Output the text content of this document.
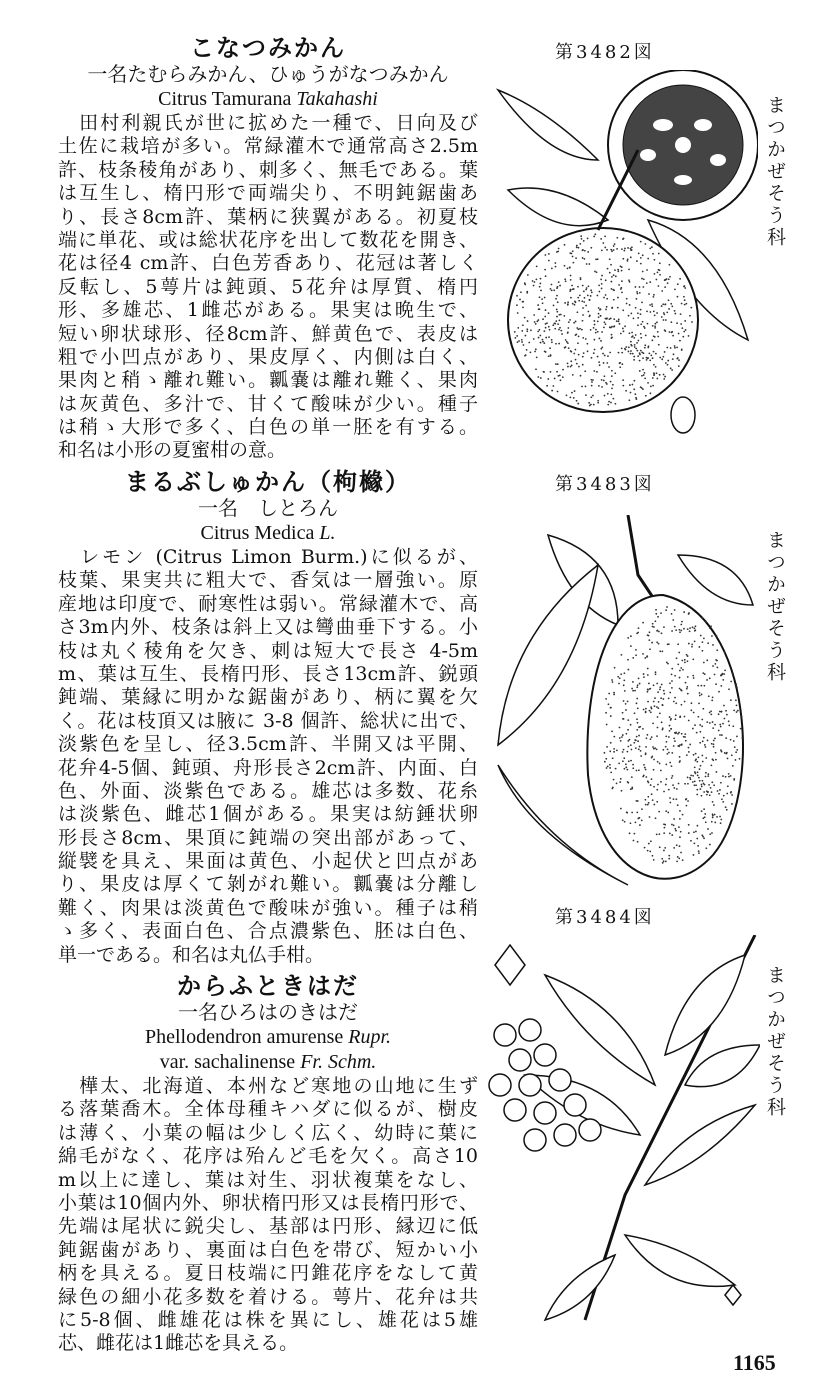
こなつみかん
一名たむらみかん、ひゅうがなつみかん
Citrus Tamurana Takahashi
　田村利親氏が世に拡めた一種で、日向及び
土佐に栽培が多い。常緑灌木で通常高さ2.5m
許、枝条稜角があり、刺多く、無毛である。葉
は互生し、楕円形で両端尖り、不明鈍鋸歯あ
り、長さ8cm許、葉柄に狭翼がある。初夏枝
端に単花、或は総状花序を出して数花を開き、
花は径4 cm許、白色芳香あり、花冠は著しく
反転し、5萼片は鈍頭、5花弁は厚質、楕円
形、多雄芯、1雌芯がある。果実は晩生で、
短い卵状球形、径8cm許、鮮黄色で、表皮は
粗で小凹点があり、果皮厚く、内側は白く、
果肉と稍ゝ離れ難い。瓤嚢は離れ難く、果肉
は灰黄色、多汁で、甘くて酸味が少い。種子
は稍ゝ大形で多く、白色の単一胚を有する。
和名は小形の夏蜜柑の意。
まるぶしゅかん（枸櫞）
一名　しとろん
Citrus Medica L.
　レモン (Citrus Limon Burm.)に似るが、
枝葉、果実共に粗大で、香気は一層強い。原
産地は印度で、耐寒性は弱い。常緑灌木で、高
さ3m内外、枝条は斜上又は彎曲垂下する。小
枝は丸く稜角を欠き、刺は短大で長さ 4-5m
m、葉は互生、長楕円形、長さ13cm許、鋭頭
鈍端、葉縁に明かな鋸歯があり、柄に翼を欠
く。花は枝頂又は腋に 3-8 個許、総状に出で、
淡紫色を呈し、径3.5cm許、半開又は平開、
花弁4-5個、鈍頭、舟形長さ2cm許、内面、白
色、外面、淡紫色である。雄芯は多数、花糸
は淡紫色、雌芯1個がある。果実は紡錘状卵
形長さ8cm、果頂に鈍端の突出部があって、
縦襞を具え、果面は黄色、小起伏と凹点があ
り、果皮は厚くて剝がれ難い。瓤嚢は分離し
難く、肉果は淡黄色で酸味が強い。種子は稍
ゝ多く、表面白色、合点濃紫色、胚は白色、
単一である。和名は丸仏手柑。
からふときはだ
一名ひろはのきはだ
Phellodendron amurense Rupr.
var. sachalinense Fr. Schm.
　樺太、北海道、本州など寒地の山地に生ず
る落葉喬木。全体母種キハダに似るが、樹皮
は薄く、小葉の幅は少しく広く、幼時に葉に
綿毛がなく、花序は殆んど毛を欠く。高さ10
m以上に達し、葉は対生、羽状複葉をなし、
小葉は10個内外、卵状楕円形又は長楕円形で、
先端は尾状に鋭尖し、基部は円形、縁辺に低
鈍鋸歯があり、裏面は白色を帯び、短かい小
柄を具える。夏日枝端に円錐花序をなして黄
緑色の細小花多数を着ける。萼片、花弁は共
に5-8個、雌雄花は株を異にし、雄花は5雄
芯、雌花は1雌芯を具える。
第3482図
第3483図
第3484図
まつかぜそう科
まつかぜそう科
まつかぜそう科
1165
